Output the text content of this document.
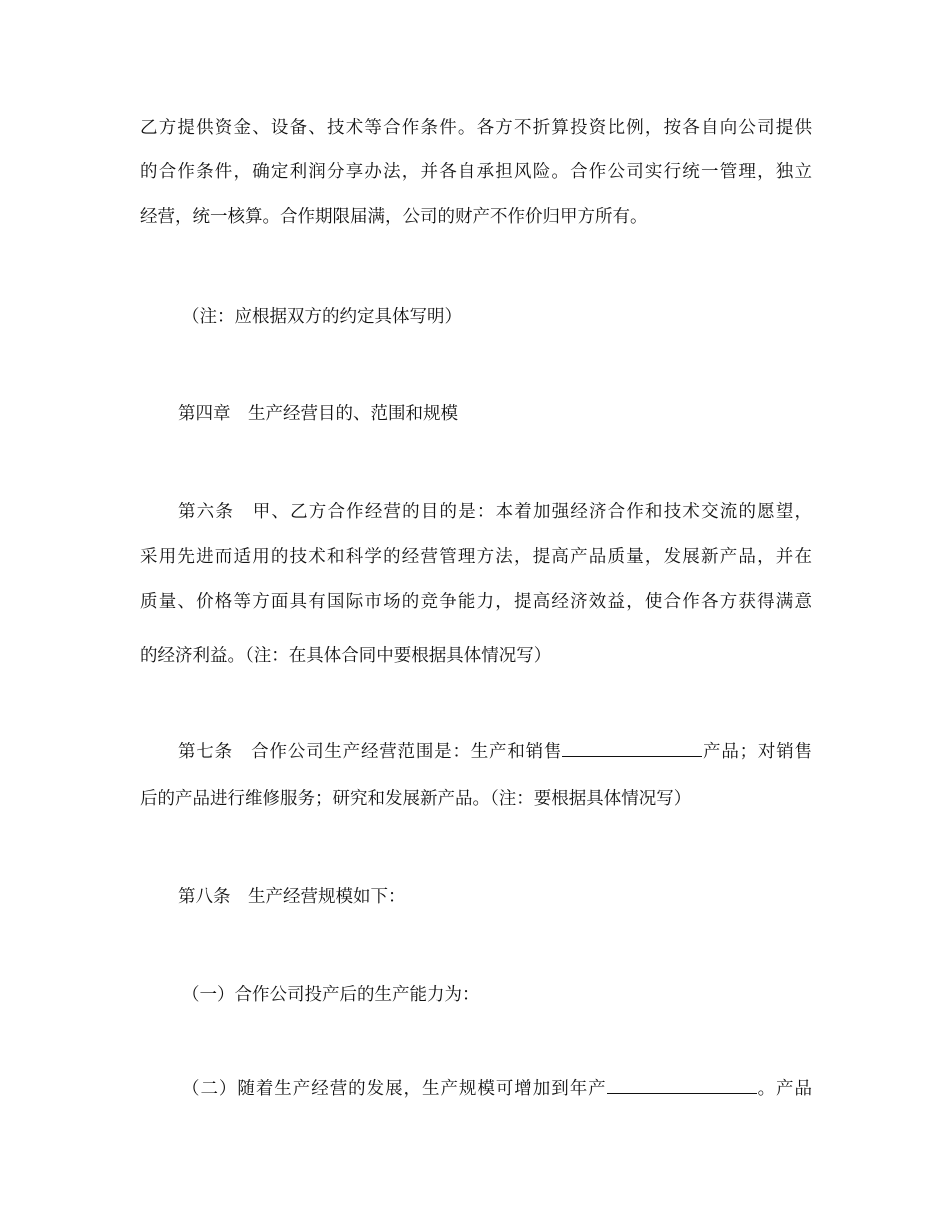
乙方提供资金、设备、技术等合作条件。各方不折算投资比例，按各自向公司提供
的合作条件，确定利润分享办法，并各自承担风险。合作公司实行统一管理，独立
经营，统一核算。合作期限届满，公司的财产不作价归甲方所有。
（注：应根据双方的约定具体写明）
第四章　生产经营目的、范围和规模
第六条　甲、乙方合作经营的目的是：本着加强经济合作和技术交流的愿望，
采用先进而适用的技术和科学的经营管理方法，提高产品质量，发展新产品，并在
质量、价格等方面具有国际市场的竞争能力，提高经济效益，使合作各方获得满意
的经济利益。（注：在具体合同中要根据具体情况写）
第七条　合作公司生产经营范围是：生产和销售	产品；对销售
后的产品进行维修服务；研究和发展新产品。（注：要根据具体情况写）
第八条　生产经营规模如下：
（一）合作公司投产后的生产能力为：
（二）随着生产经营的发展，生产规模可增加到年产	。产品
